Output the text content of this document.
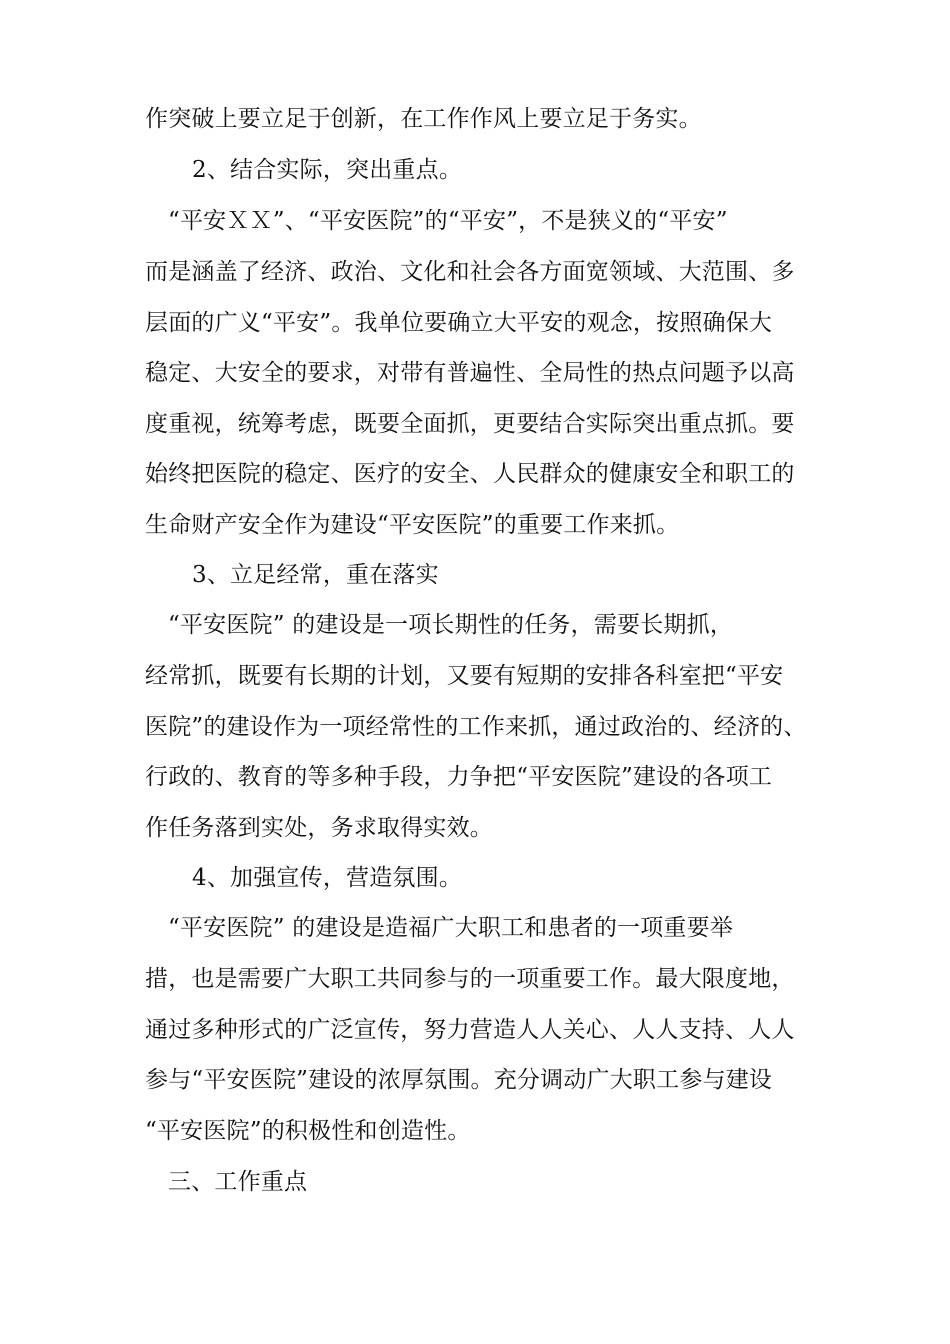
作突破上要立足于创新，在工作作风上要立足于务实。
2、结合实际，突出重点。
“平安ＸＸ”、“平安医院”的“平安”，不是狭义的“平安”
而是涵盖了经济、政治、文化和社会各方面宽领域、大范围、多
层面的广义“平安”。我单位要确立大平安的观念，按照确保大
稳定、大安全的要求，对带有普遍性、全局性的热点问题予以高
度重视，统筹考虑，既要全面抓，更要结合实际突出重点抓。要
始终把医院的稳定、医疗的安全、人民群众的健康安全和职工的
生命财产安全作为建设“平安医院”的重要工作来抓。
3、立足经常，重在落实
“平安医院” 的建设是一项长期性的任务，需要长期抓，
经常抓，既要有长期的计划，又要有短期的安排各科室把“平安
医院”的建设作为一项经常性的工作来抓，通过政治的、经济的、
行政的、教育的等多种手段，力争把“平安医院”建设的各项工
作任务落到实处，务求取得实效。
4、加强宣传，营造氛围。
“平安医院” 的建设是造福广大职工和患者的一项重要举
措，也是需要广大职工共同参与的一项重要工作。最大限度地，
通过多种形式的广泛宣传，努力营造人人关心、人人支持、人人
参与“平安医院”建设的浓厚氛围。充分调动广大职工参与建设
“平安医院”的积极性和创造性。
三、工作重点
